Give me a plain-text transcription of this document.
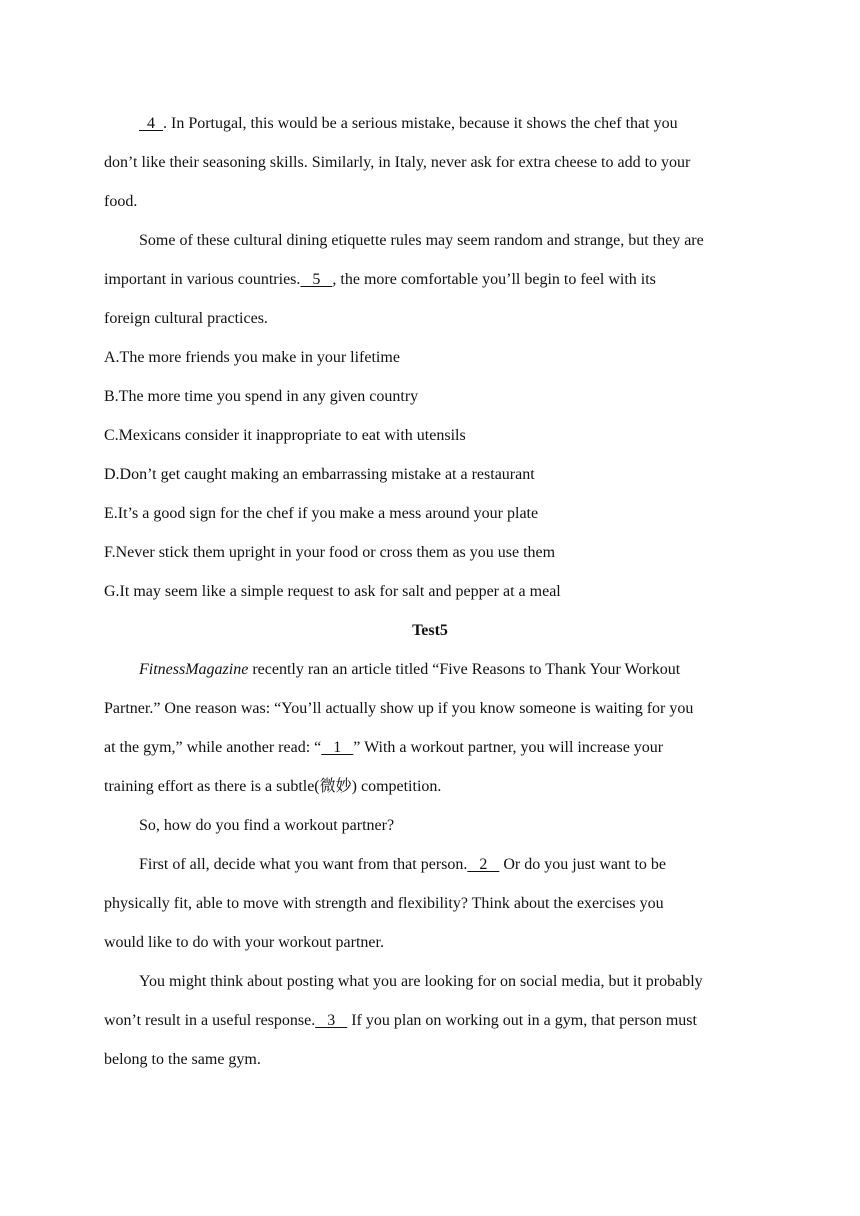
4  . In Portugal, this would be a serious mistake, because it shows the chef that you
don’t like their seasoning skills. Similarly, in Italy, never ask for extra cheese to add to your
food.
Some of these cultural dining etiquette rules may seem random and strange, but they are
important in various countries.   5   , the more comfortable you’ll begin to feel with its
foreign cultural practices.
A.The more friends you make in your lifetime
B.The more time you spend in any given country
C.Mexicans consider it inappropriate to eat with utensils
D.Don’t get caught making an embarrassing mistake at a restaurant
E.It’s a good sign for the chef if you make a mess around your plate
F.Never stick them upright in your food or cross them as you use them
G.It may seem like a simple request to ask for salt and pepper at a meal
Test5
FitnessMagazine recently ran an article titled “Five Reasons to Thank Your Workout
Partner.” One reason was: “You’ll actually show up if you know someone is waiting for you
at the gym,” while another read: “   1   ” With a workout partner, you will increase your
training effort as there is a subtle(微妙) competition.
So, how do you find a workout partner?
First of all, decide what you want from that person.   2    Or do you just want to be
physically fit, able to move with strength and flexibility? Think about the exercises you
would like to do with your workout partner.
You might think about posting what you are looking for on social media, but it probably
won’t result in a useful response.   3    If you plan on working out in a gym, that person must
belong to the same gym.
